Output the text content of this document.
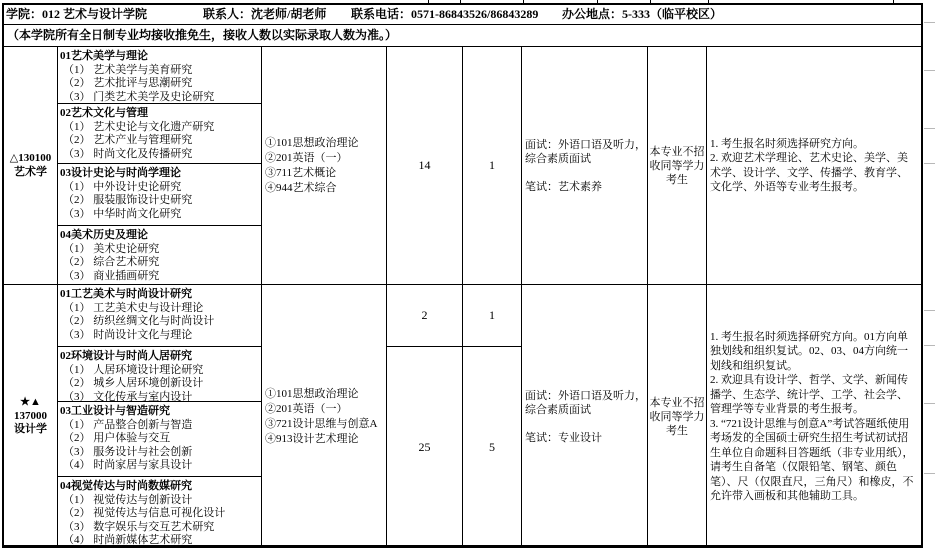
学院：012 艺术与设计学院	联系人：沈老师/胡老师 联系电话：0571-86843526/86843289 办公地点：5-333（临平校区）
（本学院所有全日制专业均接收推免生，接收人数以实际录取人数为准。）
△130100
艺术学
01艺术美学与理论
（1） 艺术美学与美育研究
（2） 艺术批评与思潮研究
（3） 门类艺术美学及史论研究
02艺术文化与管理
（1） 艺术史论与文化遗产研究
（2） 艺术产业与管理研究
（3） 时尚文化及传播研究
03设计史论与时尚学理论
（1） 中外设计史论研究
（2） 服装服饰设计史研究
（3） 中华时尚文化研究
04美术历史及理论
（1） 美术史论研究
（2） 综合艺术研究
（3） 商业插画研究
①101思想政治理论
②201英语（一）
③711艺术概论
④944艺术综合
14	1
面试：外语口语及听力，
综合素质面试
笔试：艺术素养
本专业不招收同等学力考生
1. 考生报名时须选择研究方向。
2. 欢迎艺术学理论、艺术史论、美学、美术学、设计学、文学、传播学、教育学、文化学、外语等专业考生报考。
★▲
137000
设计学
01工艺美术与时尚设计研究
（1） 工艺美术史与设计理论
（2） 纺织丝绸文化与时尚设计
（3） 时尚设计文化与理论
02环境设计与时尚人居研究
（1） 人居环境设计理论研究
（2） 城乡人居环境创新设计
（3） 文化传承与室内设计
03工业设计与智造研究
（1） 产品整合创新与智造
（2） 用户体验与交互
（3） 服务设计与社会创新
（4） 时尚家居与家具设计
04视觉传达与时尚数媒研究
（1） 视觉传达与创新设计
（2） 视觉传达与信息可视化设计
（3） 数字娱乐与交互艺术研究
（4） 时尚新媒体艺术研究
①101思想政治理论
②201英语（一）
③721设计思维与创意A
④913设计艺术理论
2
25
1
5
面试：外语口语及听力，
综合素质面试
笔试：专业设计
本专业不招收同等学力考生
1. 考生报名时须选择研究方向。01方向单独划线和组织复试。02、03、04方向统一划线和组织复试。
2. 欢迎具有设计学、哲学、文学、新闻传播学、生态学、统计学、工学、社会学、管理学等专业背景的考生报考。
3. “721设计思维与创意A”考试答题纸使用考场发的全国硕士研究生招生考试初试招生单位自命题科目答题纸（非专业用纸），请考生自备笔（仅限铅笔、钢笔、颜色笔）、尺（仅限直尺，三角尺）和橡皮，不允许带入画板和其他辅助工具。
